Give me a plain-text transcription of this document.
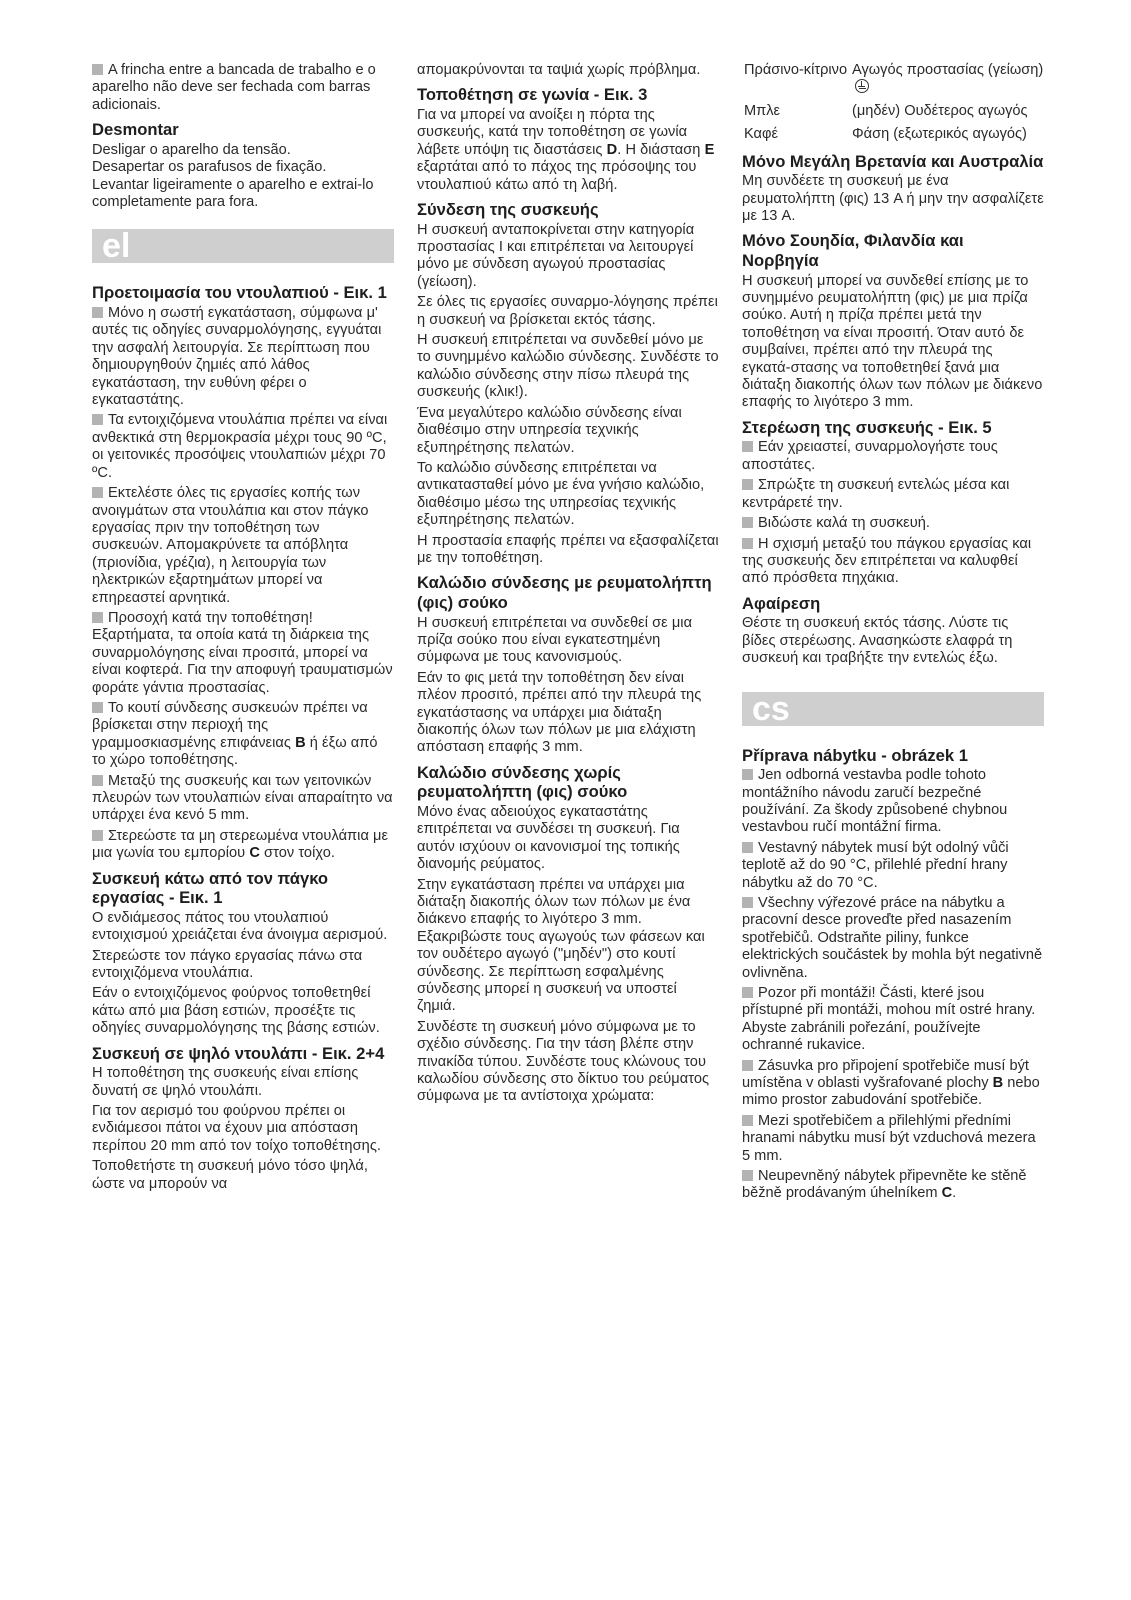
A frincha entre a bancada de trabalho e o aparelho não deve ser fechada com barras adicionais.

Desmontar

Desligar o aparelho da tensão.

Desapertar os parafusos de fixação.

Levantar ligeiramente o aparelho e extrai-lo completamente para fora.

el
Προετοιμασία του ντουλαπιού - Εικ. 1

Μόνο η σωστή εγκατάσταση, σύμφωνα μ' αυτές τις οδηγίες συναρμολόγησης, εγγυάται την ασφαλή λειτουργία. Σε περίπτωση που δημιουργηθούν ζημιές από λάθος εγκατάσταση, την ευθύνη φέρει ο εγκαταστάτης.

Τα εντοιχιζόμενα ντουλάπια πρέπει να είναι ανθεκτικά στη θερμοκρασία μέχρι τους 90 ºC, οι γειτονικές προσόψεις ντουλαπιών μέχρι 70 ºC.

Εκτελέστε όλες τις εργασίες κοπής των ανοιγμάτων στα ντουλάπια και στον πάγκο εργασίας πριν την τοποθέτηση των συσκευών. Απομακρύνετε τα απόβλητα (πριονίδια, γρέζια), η λειτουργία των ηλεκτρικών εξαρτημάτων μπορεί να επηρεαστεί αρνητικά.

Προσοχή κατά την τοποθέτηση! Εξαρτήματα, τα οποία κατά τη διάρκεια της συναρμολόγησης είναι προσιτά, μπορεί να είναι κοφτερά. Για την αποφυγή τραυματισμών φοράτε γάντια προστασίας.

Το κουτί σύνδεσης συσκευών πρέπει να βρίσκεται στην περιοχή της γραμμοσκιασμένης επιφάνειας B ή έξω από το χώρο τοποθέτησης.

Μεταξύ της συσκευής και των γειτονικών πλευρών των ντουλαπιών είναι απαραίτητο να υπάρχει ένα κενό 5 mm.

Στερεώστε τα μη στερεωμένα ντουλάπια με μια γωνία του εμπορίου C στον τοίχο.

Συσκευή κάτω από τον πάγκο εργασίας - Εικ. 1

Ο ενδιάμεσος πάτος του ντουλαπιού εντοιχισμού χρειάζεται ένα άνοιγμα αερισμού.

Στερεώστε τον πάγκο εργασίας πάνω στα εντοιχιζόμενα ντουλάπια.

Εάν ο εντοιχιζόμενος φούρνος τοποθετηθεί κάτω από μια βάση εστιών, προσέξτε τις οδηγίες συναρμολόγησης της βάσης εστιών.

Συσκευή σε ψηλό ντουλάπι - Εικ. 2+4

Η τοποθέτηση της συσκευής είναι επίσης δυνατή σε ψηλό ντουλάπι.

Για τον αερισμό του φούρνου πρέπει οι ενδιάμεσοι πάτοι να έχουν μια απόσταση περίπου 20 mm από τον τοίχο τοποθέτησης.

Τοποθετήστε τη συσκευή μόνο τόσο ψηλά, ώστε να μπορούν να

απομακρύνονται τα ταψιά χωρίς πρόβλημα.

Τοποθέτηση σε γωνία - Εικ. 3

Για να μπορεί να ανοίξει η πόρτα της συσκευής, κατά την τοποθέτηση σε γωνία λάβετε υπόψη τις διαστάσεις D. Η διάσταση E εξαρτάται από το πάχος της πρόσοψης του ντουλαπιού κάτω από τη λαβή.

Σύνδεση της συσκευής

Η συσκευή ανταποκρίνεται στην κατηγορία προστασίας I και επιτρέπεται να λειτουργεί μόνο με σύνδεση αγωγού προστασίας (γείωση).

Σε όλες τις εργασίες συναρμο-λόγησης πρέπει η συσκευή να βρίσκεται εκτός τάσης.

Η συσκευή επιτρέπεται να συνδεθεί μόνο με το συνημμένο καλώδιο σύνδεσης. Συνδέστε το καλώδιο σύνδεσης στην πίσω πλευρά της συσκευής (κλικ!).

Ένα μεγαλύτερο καλώδιο σύνδεσης είναι διαθέσιμο στην υπηρεσία τεχνικής εξυπηρέτησης πελατών.

Το καλώδιο σύνδεσης επιτρέπεται να αντικατασταθεί μόνο με ένα γνήσιο καλώδιο, διαθέσιμο μέσω της υπηρεσίας τεχνικής εξυπηρέτησης πελατών.

Η προστασία επαφής πρέπει να εξασφαλίζεται με την τοποθέτηση.

Καλώδιο σύνδεσης με ρευματολήπτη (φις) σούκο

Η συσκευή επιτρέπεται να συνδεθεί σε μια πρίζα σούκο που είναι εγκατεστημένη σύμφωνα με τους κανονισμούς.

Εάν το φις μετά την τοποθέτηση δεν είναι πλέον προσιτό, πρέπει από την πλευρά της εγκατάστασης να υπάρχει μια διάταξη διακοπής όλων των πόλων με μια ελάχιστη απόσταση επαφής 3 mm.

Καλώδιο σύνδεσης χωρίς ρευματολήπτη (φις) σούκο

Μόνο ένας αδειούχος εγκαταστάτης επιτρέπεται να συνδέσει τη συσκευή. Για αυτόν ισχύουν οι κανονισμοί της τοπικής διανομής ρεύματος.

Στην εγκατάσταση πρέπει να υπάρχει μια διάταξη διακοπής όλων των πόλων με ένα διάκενο επαφής το λιγότερο 3 mm. Εξακριβώστε τους αγωγούς των φάσεων και τον ουδέτερο αγωγό ("μηδέν") στο κουτί σύνδεσης. Σε περίπτωση εσφαλμένης σύνδεσης μπορεί η συσκευή να υποστεί ζημιά.

Συνδέστε τη συσκευή μόνο σύμφωνα με το σχέδιο σύνδεσης. Για την τάση βλέπε στην πινακίδα τύπου. Συνδέστε τους κλώνους του καλωδίου σύνδεσης στο δίκτυο του ρεύματος σύμφωνα με τα αντίστοιχα χρώματα:

Πράσινο-κίτρινο	Αγωγός προστασίας (γείωση)
Μπλε	(μηδέν) Ουδέτερος αγωγός
Καφέ	Φάση (εξωτερικός αγωγός)
Μόνο Μεγάλη Βρετανία και Αυστραλία

Μη συνδέετε τη συσκευή με ένα ρευματολήπτη (φις) 13 A ή μην την ασφαλίζετε με 13 A.

Μόνο Σουηδία, Φιλανδία και Νορβηγία

Η συσκευή μπορεί να συνδεθεί επίσης με το συνημμένο ρευματολήπτη (φις) με μια πρίζα σούκο. Αυτή η πρίζα πρέπει μετά την τοποθέτηση να είναι προσιτή. Όταν αυτό δε συμβαίνει, πρέπει από την πλευρά της εγκατά-στασης να τοποθετηθεί ξανά μια διάταξη διακοπής όλων των πόλων με διάκενο επαφής το λιγότερο 3 mm.

Στερέωση της συσκευής - Εικ. 5

Εάν χρειαστεί, συναρμολογήστε τους αποστάτες.

Σπρώξτε τη συσκευή εντελώς μέσα και κεντράρετέ την.

Βιδώστε καλά τη συσκευή.

Η σχισμή μεταξύ του πάγκου εργασίας και της συσκευής δεν επιτρέπεται να καλυφθεί από πρόσθετα πηχάκια.

Αφαίρεση

Θέστε τη συσκευή εκτός τάσης. Λύστε τις βίδες στερέωσης. Ανασηκώστε ελαφρά τη συσκευή και τραβήξτε την εντελώς έξω.

cs
Příprava nábytku - obrázek 1

Jen odborná vestavba podle tohoto montážního návodu zaručí bezpečné používání. Za škody způsobené chybnou vestavbou ručí montážní firma.

Vestavný nábytek musí být odolný vůči teplotě až do 90 °C, přilehlé přední hrany nábytku až do 70 °C.

Všechny výřezové práce na nábytku a pracovní desce proveďte před nasazením spotřebičů. Odstraňte piliny, funkce elektrických součástek by mohla být negativně ovlivněna.

Pozor při montáži! Části, které jsou přístupné při montáži, mohou mít ostré hrany. Abyste zabránili pořezání, používejte ochranné rukavice.

Zásuvka pro připojení spotřebiče musí být umístěna v oblasti vyšrafované plochy B nebo mimo prostor zabudování spotřebiče.

Mezi spotřebičem a přilehlými předními hranami nábytku musí být vzduchová mezera 5 mm.

Neupevněný nábytek připevněte ke stěně běžně prodávaným úhelníkem C.
